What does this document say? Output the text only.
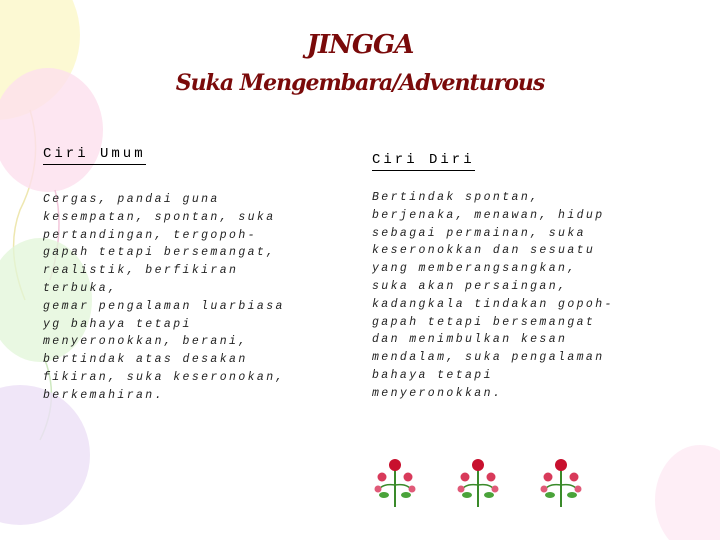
JINGGA
Suka Mengembara/Adventurous
Ciri Umum
Cergas, pandai guna
kesempatan, spontan, suka
pertandingan, tergopoh-
gapah tetapi bersemangat,
realistik, berfikiran
terbuka,
gemar pengalaman luarbiasa
yg bahaya tetapi
menyeronokkan, berani,
bertindak atas desakan
fikiran, suka keseronokan,
berkemahiran.
Ciri Diri
Bertindak spontan,
berjenaka, menawan, hidup
sebagai permainan, suka
keseronokkan dan sesuatu
yang memberangsangkan,
suka akan persaingan,
kadangkala tindakan gopoh-
gapah tetapi bersemangat
dan menimbulkan kesan
mendalam, suka pengalaman
bahaya tetapi
menyeronokkan.
